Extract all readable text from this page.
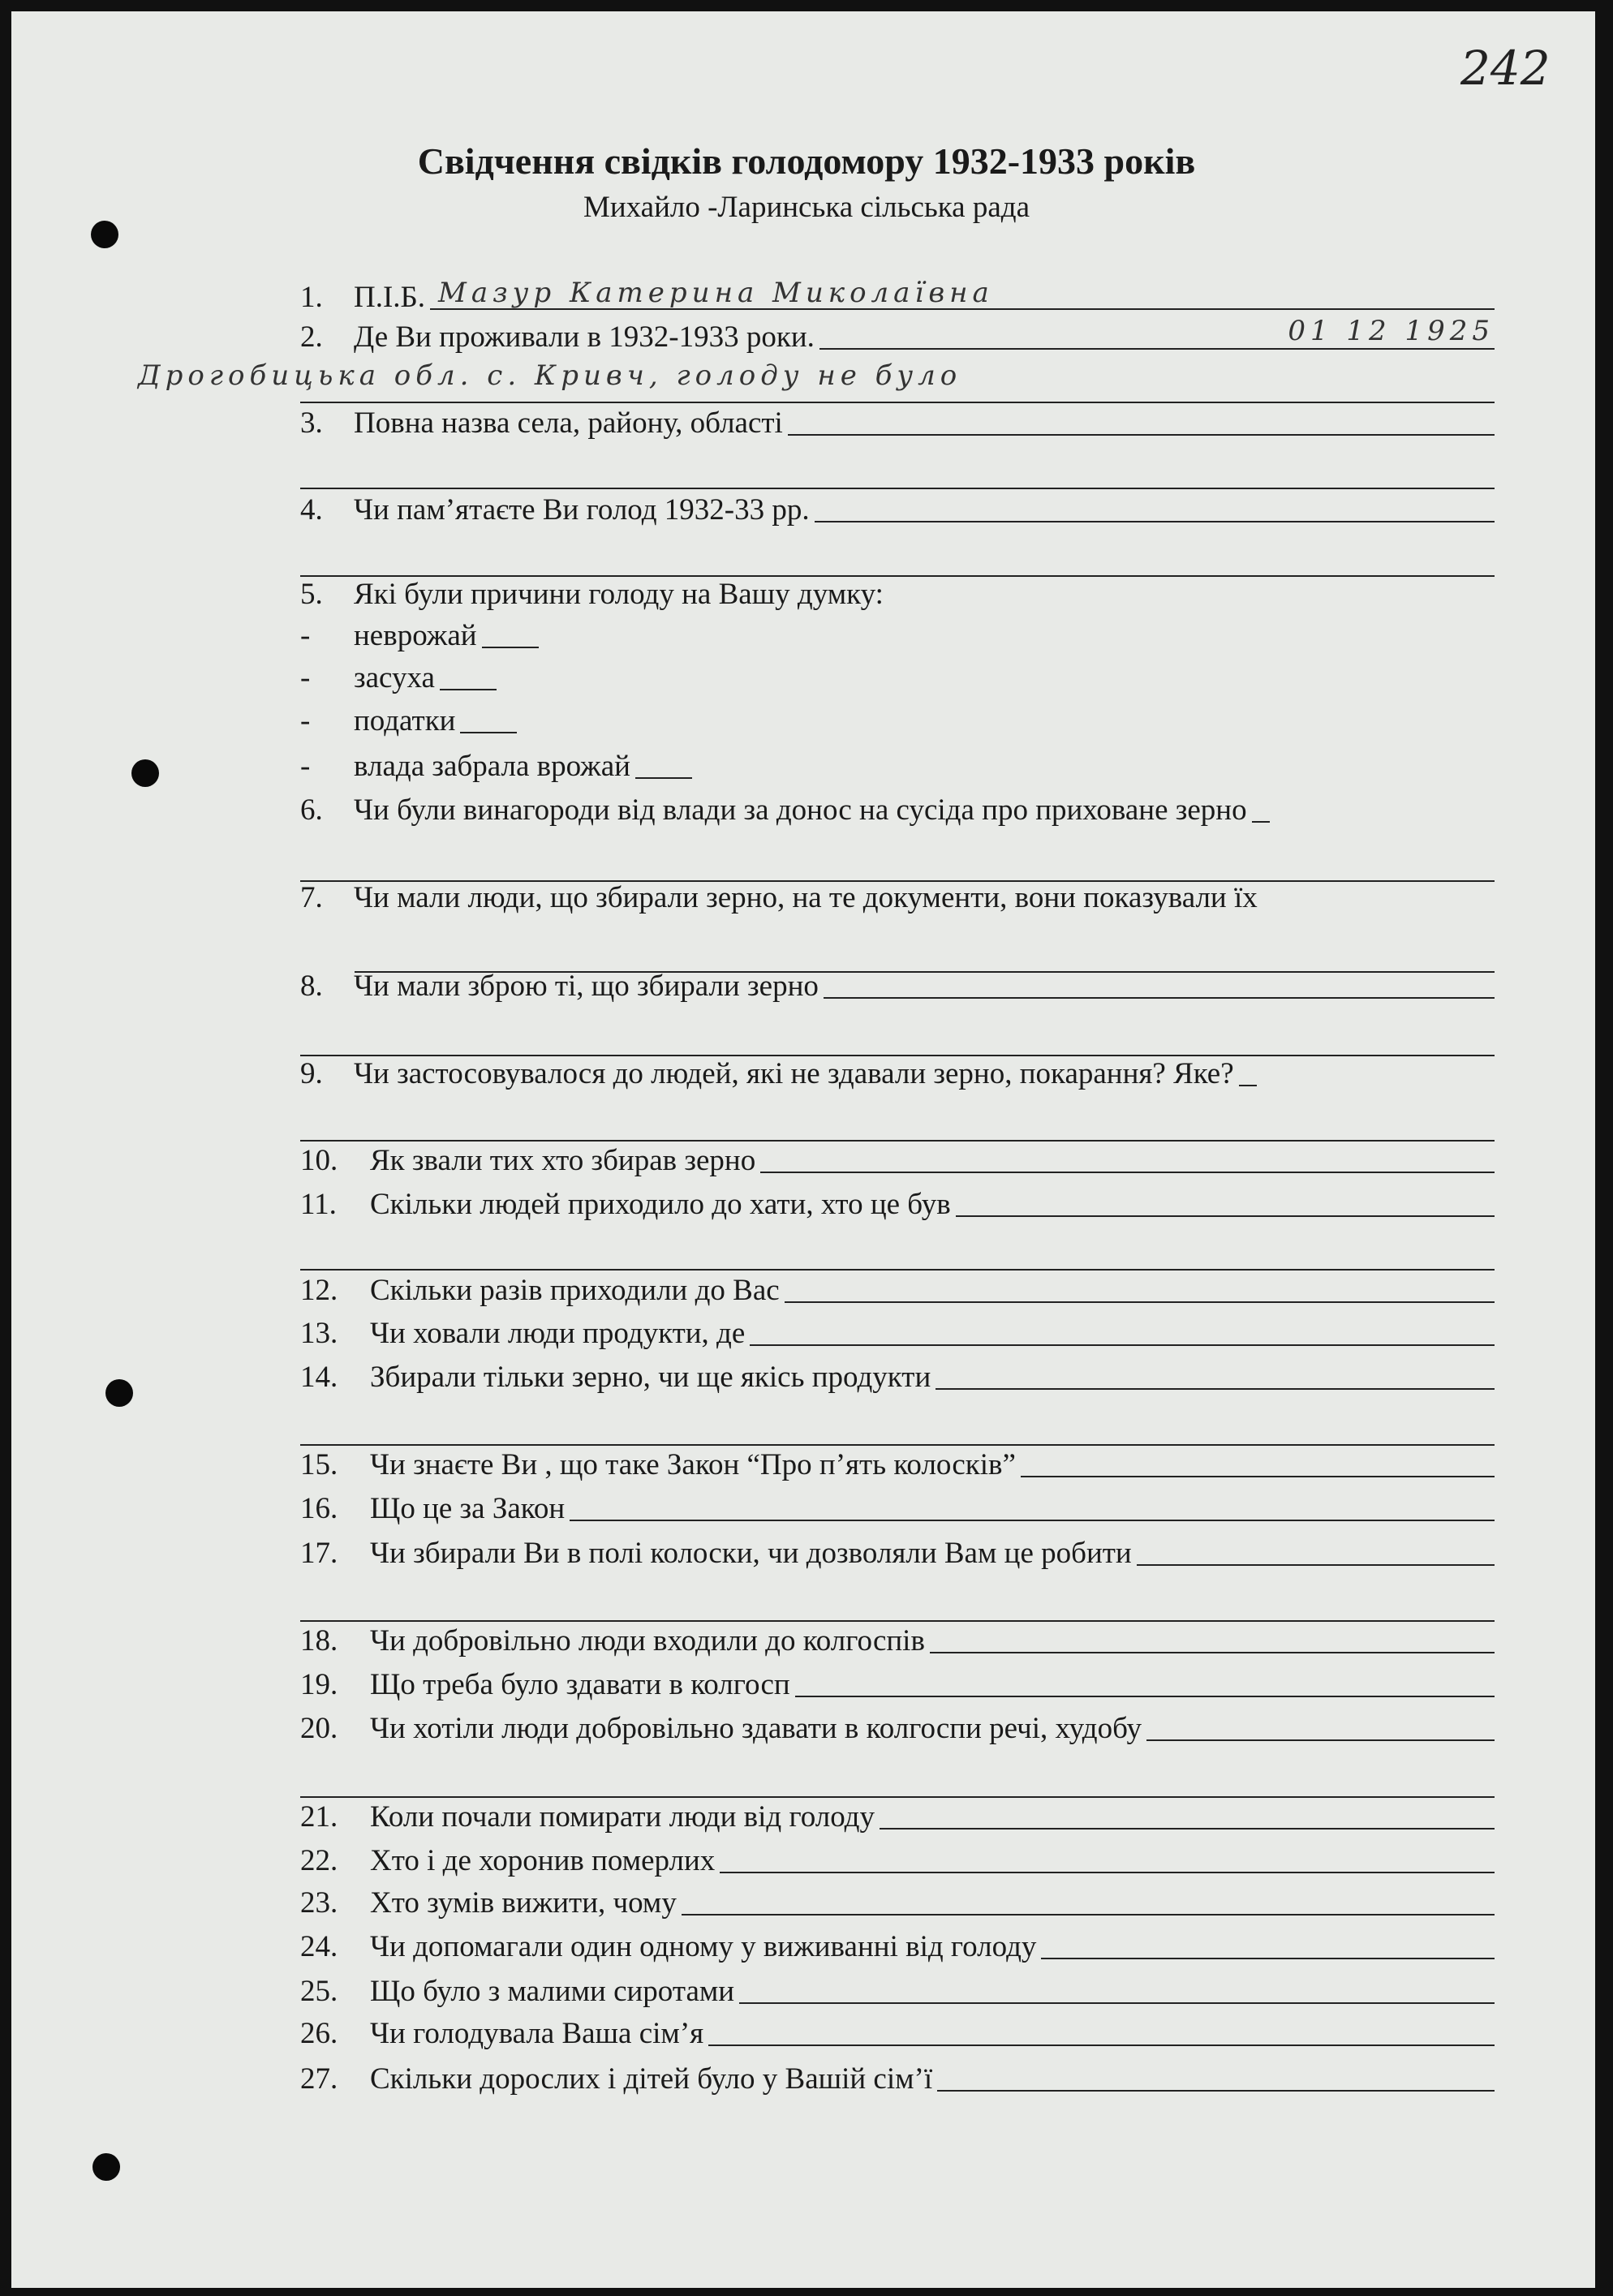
242
Свідчення свідків голодомору 1932-1933 років
Михайло -Ларинська сільська рада
1.	П.І.Б. Мазур Катерина Миколаївна
2.	Де Ви проживали в 1932-1933 роки.	01 12 1925
Дрогобицька обл. с. Кривч, голоду не було
3.	Повна назва села, району, області
4.	Чи пам’ятаєте Ви голод 1932-33 рр.
5.	Які були причини голоду на Вашу думку:
-	неврожай
-	засуха
-	податки
-	влада забрала врожай
6.	Чи були винагороди від влади за донос на сусіда про приховане зерно
7.	Чи мали люди, що збирали зерно, на те документи, вони показували їх
8.	Чи мали зброю ті, що збирали зерно
9.	Чи застосовувалося до людей, які не здавали зерно, покарання? Яке?
10.	Як звали тих хто збирав зерно
11.	Скільки людей приходило до хати, хто це був
12.	Скільки разів приходили до Вас
13.	Чи ховали люди продукти, де
14.	Збирали тільки зерно, чи ще якісь продукти
15.	Чи знаєте Ви , що таке Закон “Про п’ять колосків”
16.	Що це за Закон
17.	Чи збирали Ви в полі колоски, чи дозволяли Вам це робити
18.	Чи добровільно люди входили до колгоспів
19.	Що треба було здавати в колгосп
20.	Чи хотіли люди добровільно здавати в колгоспи речі, худобу
21.	Коли почали помирати люди від голоду
22.	Хто і де хоронив померлих
23.	Хто зумів вижити, чому
24.	Чи допомагали один одному у виживанні від голоду
25.	Що було з малими сиротами
26.	Чи голодувала Ваша сім’я
27.	Скільки дорослих і дітей було у Вашій сім’ї
